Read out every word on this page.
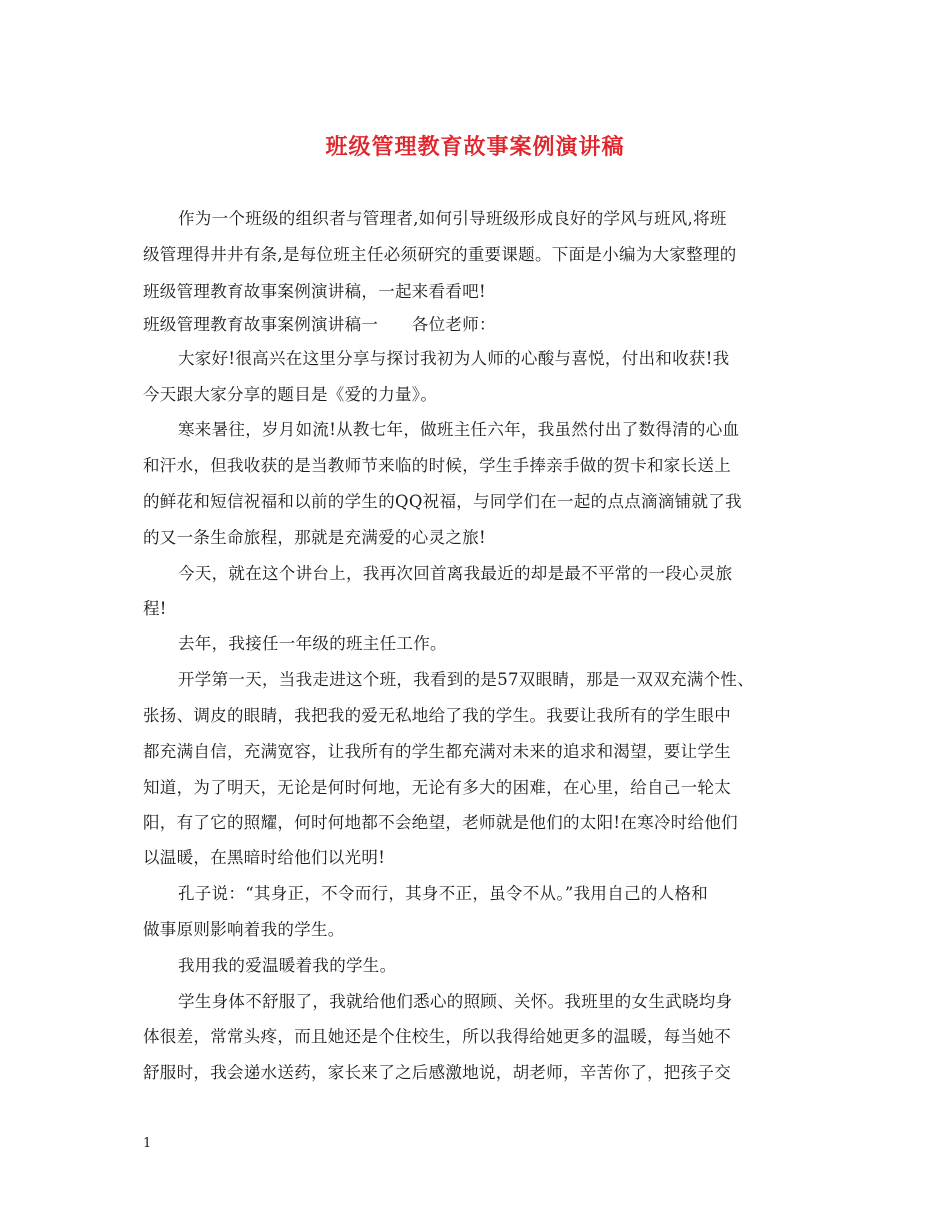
班级管理教育故事案例演讲稿
作为一个班级的组织者与管理者,如何引导班级形成良好的学风与班风,将班
级管理得井井有条,是每位班主任必须研究的重要课题。下面是小编为大家整理的
班级管理教育故事案例演讲稿，一起来看看吧!
班级管理教育故事案例演讲稿一　　各位老师：
大家好!很高兴在这里分享与探讨我初为人师的心酸与喜悦，付出和收获!我
今天跟大家分享的题目是《爱的力量》。
寒来暑往，岁月如流!从教七年，做班主任六年，我虽然付出了数得清的心血
和汗水，但我收获的是当教师节来临的时候，学生手捧亲手做的贺卡和家长送上
的鲜花和短信祝福和以前的学生的QQ祝福，与同学们在一起的点点滴滴铺就了我
的又一条生命旅程，那就是充满爱的心灵之旅!
今天，就在这个讲台上，我再次回首离我最近的却是最不平常的一段心灵旅
程!
去年，我接任一年级的班主任工作。
开学第一天，当我走进这个班，我看到的是57双眼睛，那是一双双充满个性、
张扬、调皮的眼睛，我把我的爱无私地给了我的学生。我要让我所有的学生眼中
都充满自信，充满宽容，让我所有的学生都充满对未来的追求和渴望，要让学生
知道，为了明天，无论是何时何地，无论有多大的困难，在心里，给自己一轮太
阳，有了它的照耀，何时何地都不会绝望，老师就是他们的太阳!在寒冷时给他们
以温暖，在黑暗时给他们以光明!
孔子说：“其身正，不令而行，其身不正，虽令不从。”我用自己的人格和
做事原则影响着我的学生。
我用我的爱温暖着我的学生。
学生身体不舒服了，我就给他们悉心的照顾、关怀。我班里的女生武晓均身
体很差，常常头疼，而且她还是个住校生，所以我得给她更多的温暖，每当她不
舒服时，我会递水送药，家长来了之后感激地说，胡老师，辛苦你了，把孩子交
1
